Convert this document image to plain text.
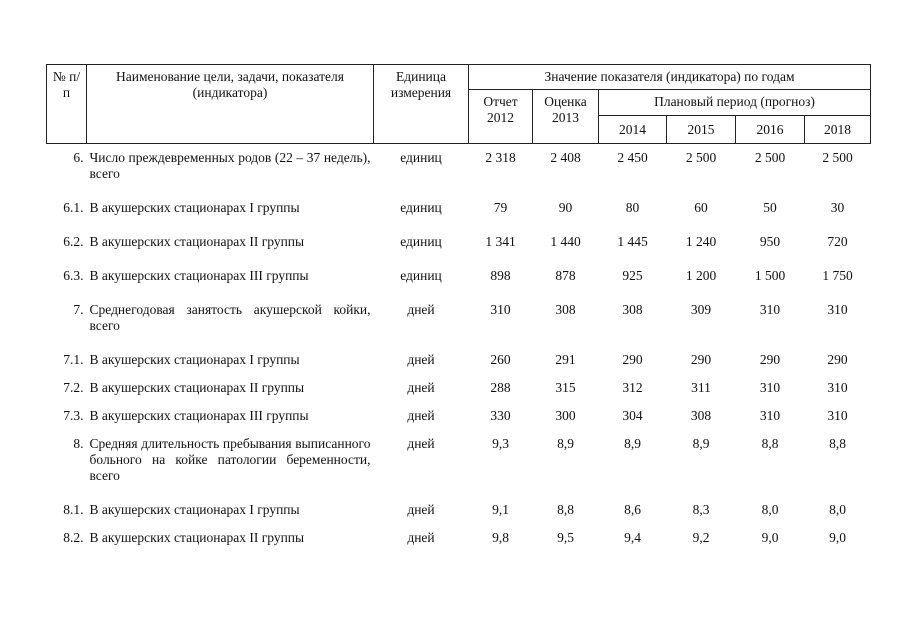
№ п/п	Наименование цели, задачи, показателя (индикатора)	Единица измерения	Значение показателя (индикатора) по годам					
			Отчет 2012	Оценка 2013	Плановый период (прогноз)			
					2014	2015	2016	2018
6.	Число преждевременных родов (22 – 37 недель), всего	единиц	2 318	2 408	2 450	2 500	2 500	2 500
6.1.	В акушерских стационарах I группы	единиц	79	90	80	60	50	30
6.2.	В акушерских стационарах II группы	единиц	1 341	1 440	1 445	1 240	950	720
6.3.	В акушерских стационарах III группы	единиц	898	878	925	1 200	1 500	1 750
7.	Среднегодовая занятость акушерской койки, всего	дней	310	308	308	309	310	310
7.1.	В акушерских стационарах I группы	дней	260	291	290	290	290	290
7.2.	В акушерских стационарах II группы	дней	288	315	312	311	310	310
7.3.	В акушерских стационарах III группы	дней	330	300	304	308	310	310
8.	Средняя длительность пребывания выписанного больного на койке патологии беременности, всего	дней	9,3	8,9	8,9	8,9	8,8	8,8
8.1.	В акушерских стационарах I группы	дней	9,1	8,8	8,6	8,3	8,0	8,0
8.2.	В акушерских стационарах II группы	дней	9,8	9,5	9,4	9,2	9,0	9,0
